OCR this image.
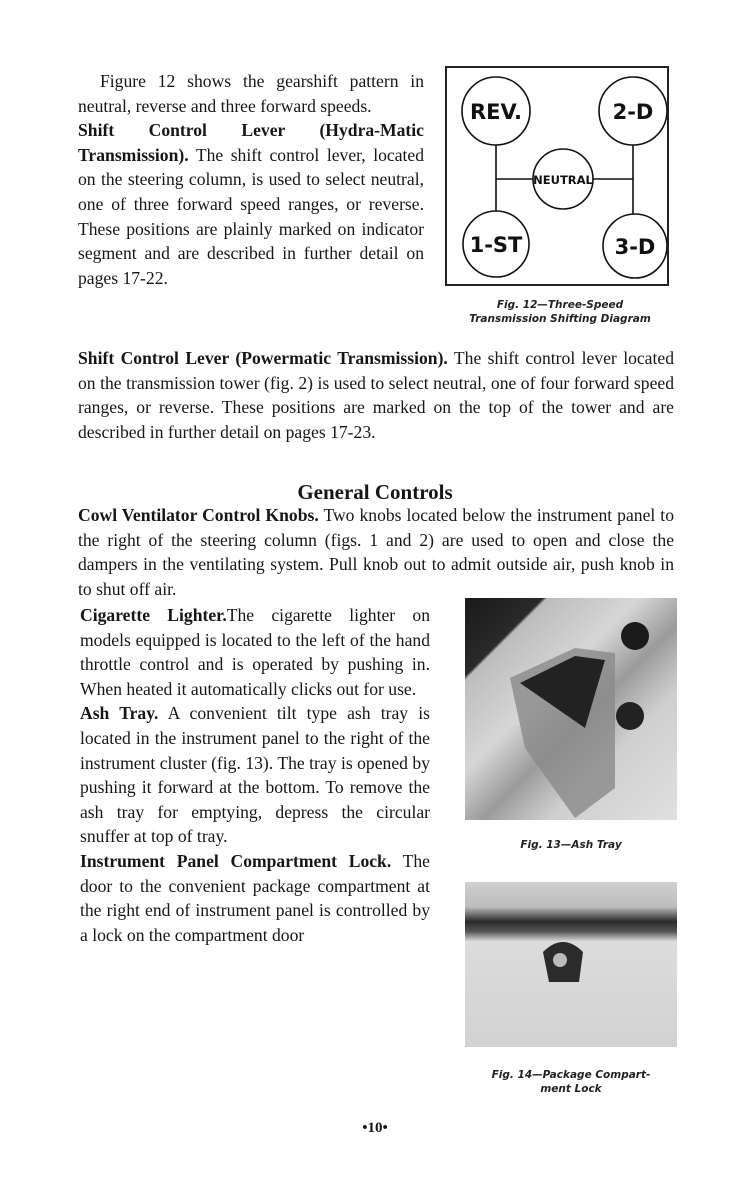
Figure 12 shows the gearshift pattern in neutral, reverse and three forward speeds.

Shift Control Lever (Hydra-Matic Transmission). The shift control lever, located on the steering column, is used to select neutral, one of three forward speed ranges, or reverse. These positions are plainly marked on indicator segment and are described in further detail on pages 17-22.

REV.	2-D
NEUTRAL
1-ST	3-D
Fig. 12—Three-Speed
Transmission Shifting Diagram

Shift Control Lever (Powermatic Transmission). The shift control lever located on the transmission tower (fig. 2) is used to select neutral, one of four forward speed ranges, or reverse. These positions are marked on the top of the tower and are described in further detail on pages 17-23.

General Controls

Cowl Ventilator Control Knobs. Two knobs located below the instrument panel to the right of the steering column (figs. 1 and 2) are used to open and close the dampers in the ventilating system. Pull knob out to admit outside air, push knob in to shut off air.

Cigarette Lighter.The cigarette lighter on models equipped is located to the left of the hand throttle control and is operated by pushing in. When heated it automatically clicks out for use.

Ash Tray. A convenient tilt type ash tray is located in the instrument panel to the right of the instrument cluster (fig. 13). The tray is opened by pushing it forward at the bottom. To remove the ash tray for emptying, depress the circular snuffer at top of tray.

Instrument Panel Compartment Lock. The door to the convenient package compartment at the right end of instrument panel is controlled by a lock on the compartment door

Fig. 13—Ash Tray
Fig. 14—Package Compart-
ment Lock
•10•
